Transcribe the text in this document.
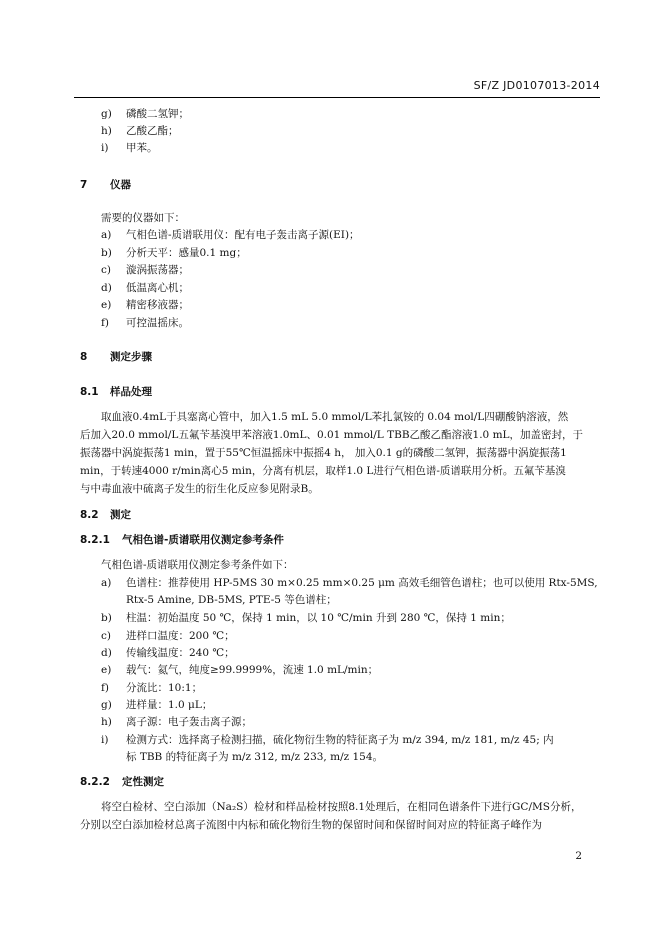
SF/Z JD0107013-2014
g) 磷酸二氢钾；
h) 乙酸乙酯；
i) 甲苯。
7 仪器
需要的仪器如下：
a) 气相色谱-质谱联用仪：配有电子轰击离子源(EI)；
b) 分析天平：感量0.1 mg；
c) 漩涡振荡器；
d) 低温离心机；
e) 精密移液器；
f) 可控温摇床。
8 测定步骤
8.1 样品处理
取血液0.4mL于具塞离心管中，加入1.5 mL 5.0 mmol/L苯扎氯铵的 0.04 mol/L四硼酸钠溶液，然
后加入20.0 mmol/L五氟苄基溴甲苯溶液1.0mL、0.01 mmol/L TBB乙酸乙酯溶液1.0 mL，加盖密封，于
振荡器中涡旋振荡1 min，置于55℃恒温摇床中振摇4 h， 加入0.1 g的磷酸二氢钾，振荡器中涡旋振荡1
min，于转速4000 r/min离心5 min，分离有机层，取样1.0 L进行气相色谱-质谱联用分析。五氟苄基溴
与中毒血液中硫离子发生的衍生化反应参见附录B。
8.2 测定
8.2.1 气相色谱-质谱联用仪测定参考条件
气相色谱-质谱联用仪测定参考条件如下：
a) 色谱柱：推荐使用 HP-5MS 30 m×0.25 mm×0.25 μm 高效毛细管色谱柱；也可以使用 Rtx-5MS,
Rtx-5 Amine, DB-5MS, PTE-5 等色谱柱；
b) 柱温：初始温度 50 ℃，保持 1 min，以 10 ℃/min 升到 280 ℃，保持 1 min；
c) 进样口温度：200 ℃；
d) 传输线温度：240 ℃；
e) 载气：氦气，纯度≥99.9999%，流速 1.0 mL/min；
f) 分流比：10:1；
g) 进样量：1.0 μL；
h) 离子源：电子轰击离子源；
i) 检测方式：选择离子检测扫描，硫化物衍生物的特征离子为 m/z 394, m/z 181, m/z 45; 内
标 TBB 的特征离子为 m/z 312, m/z 233, m/z 154。
8.2.2 定性测定
将空白检材、空白添加（Na₂S）检材和样品检材按照8.1处理后，在相同色谱条件下进行GC/MS分析，
分别以空白添加检材总离子流图中内标和硫化物衍生物的保留时间和保留时间对应的特征离子峰作为
2
